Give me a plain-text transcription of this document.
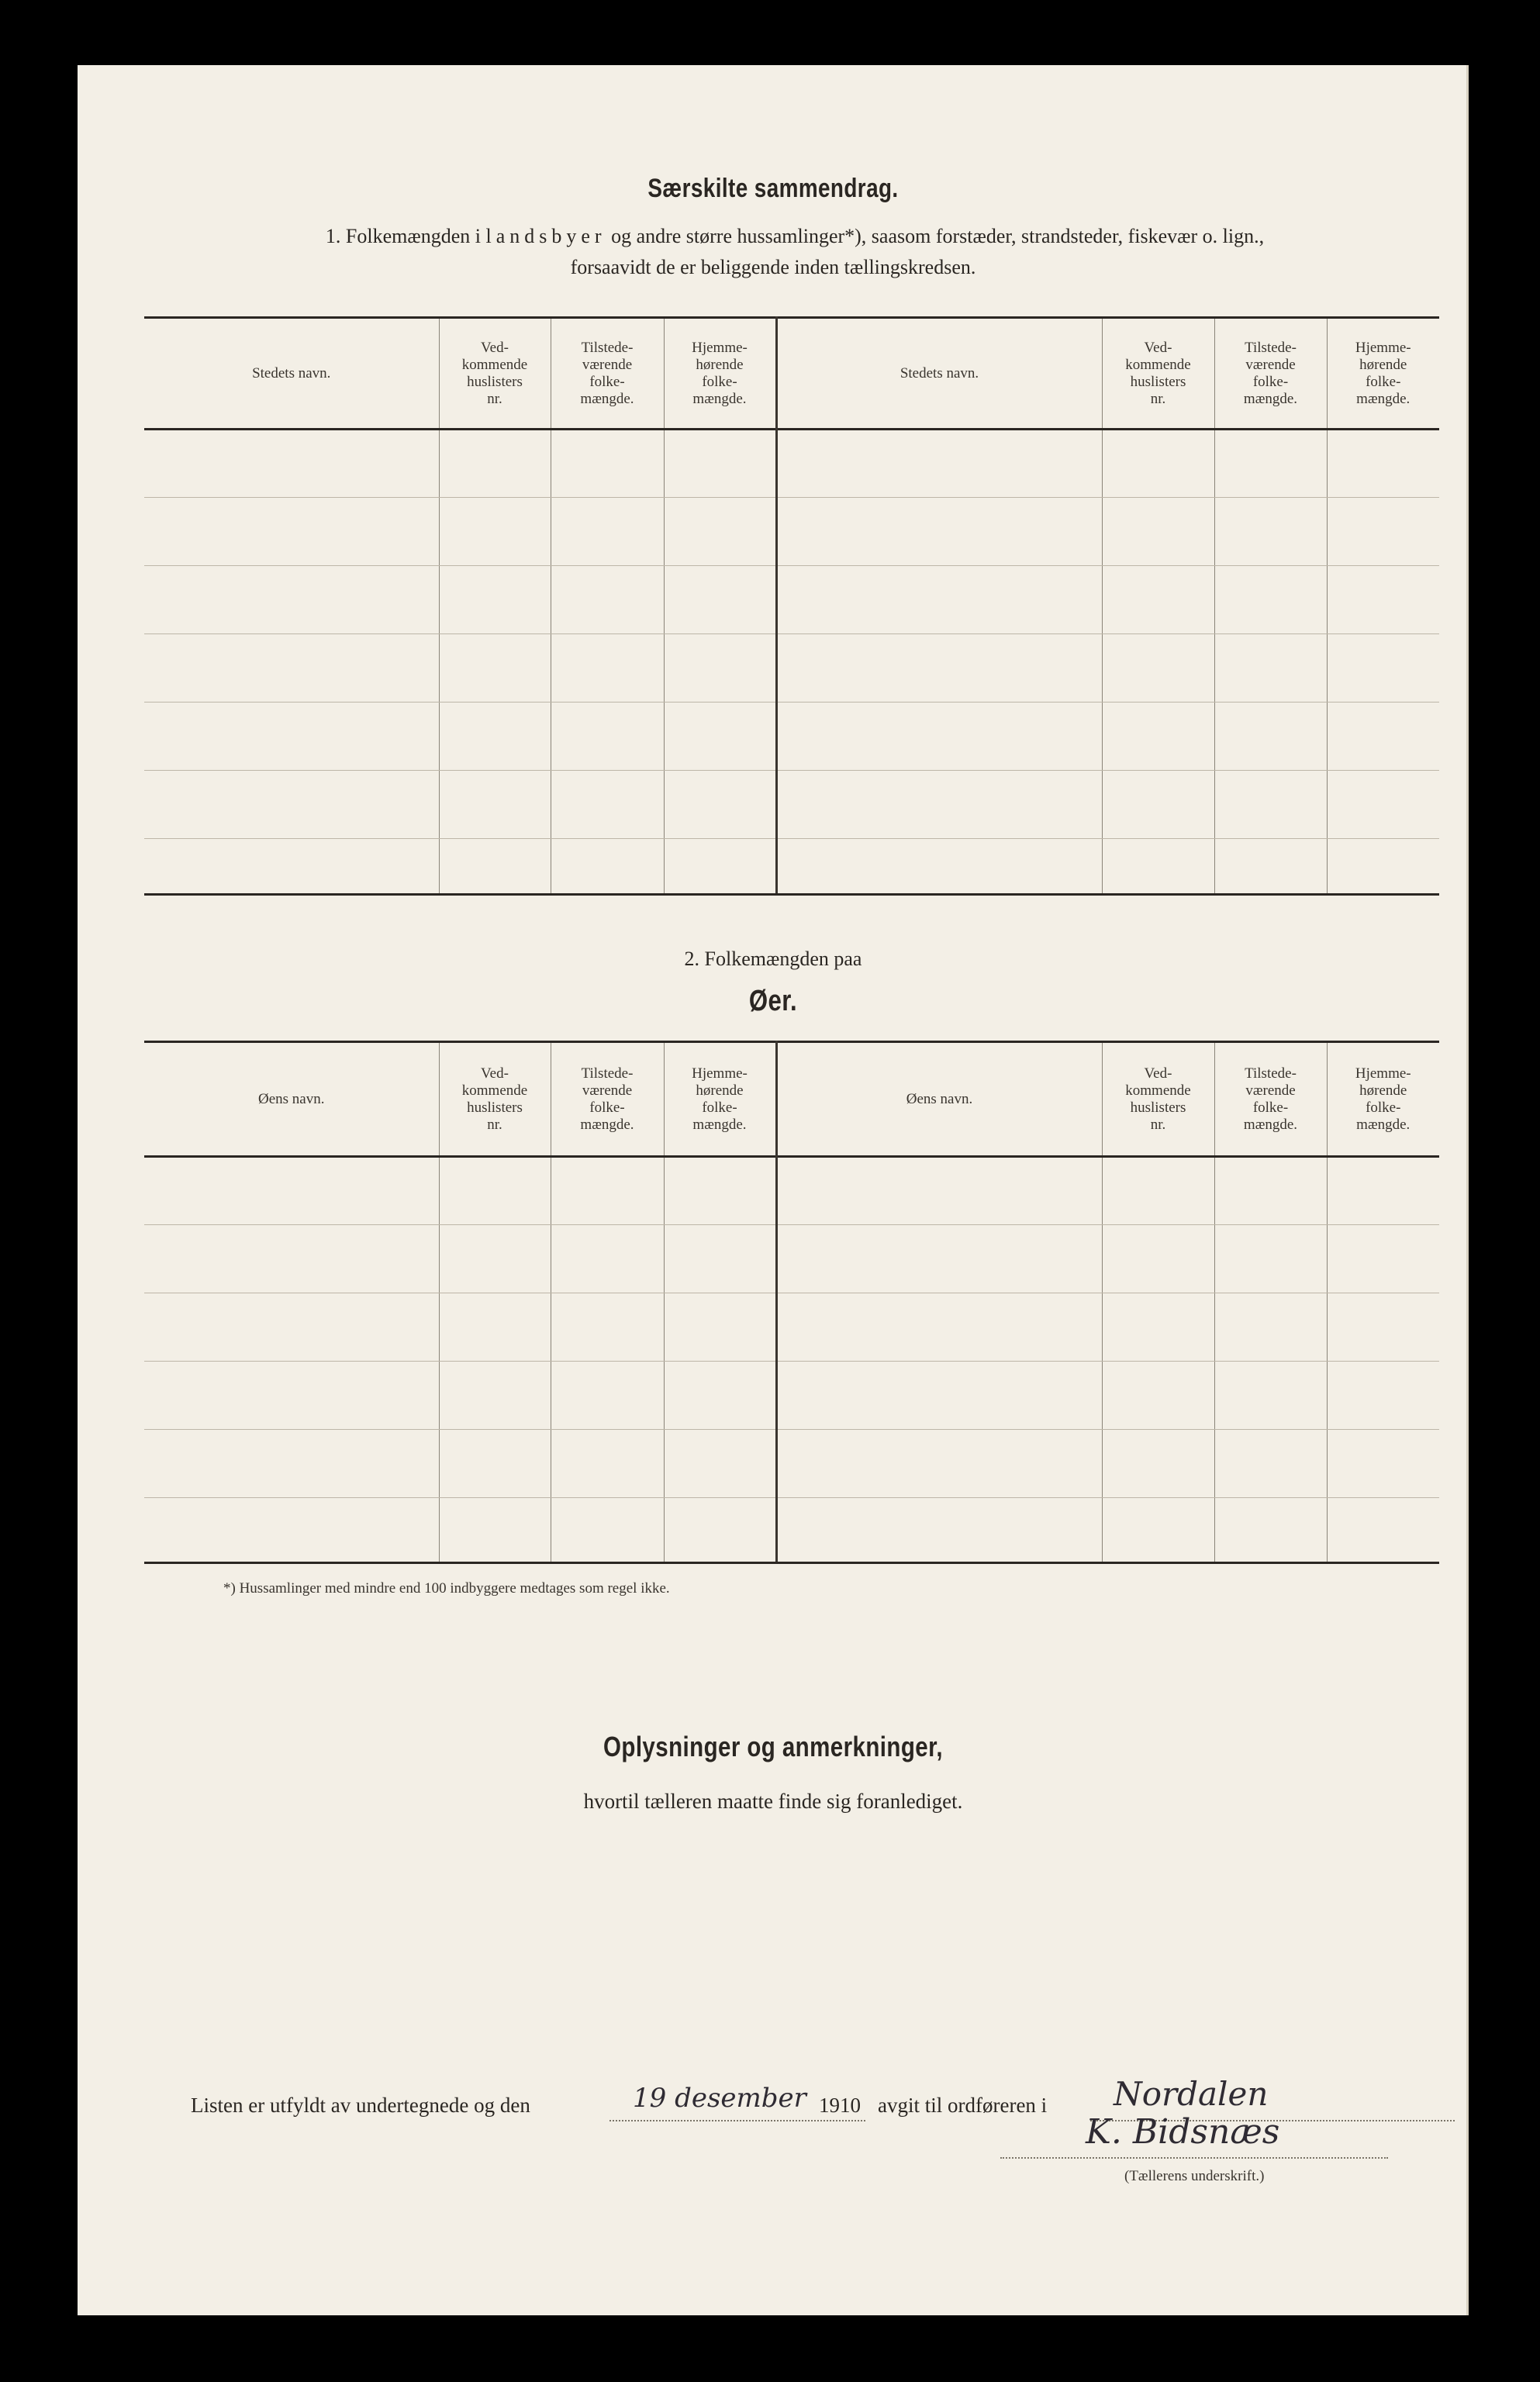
Særskilte sammendrag.
1. Folkemængden i landsbyer og andre større hussamlinger*), saasom forstæder, strandsteder, fiskevær o. lign.,
forsaavidt de er beliggende inden tællingskredsen.
Stedets navn.	Ved-
kommende
huslisters
nr.	Tilstede-
værende
folke-
mængde.	Hjemme-
hørende
folke-
mængde.	Stedets navn.	Ved-
kommende
huslisters
nr.	Tilstede-
værende
folke-
mængde.	Hjemme-
hørende
folke-
mængde.

2. Folkemængden paa
Øer.
Øens navn.	Ved-
kommende
huslisters
nr.	Tilstede-
værende
folke-
mængde.	Hjemme-
hørende
folke-
mængde.	Øens navn.	Ved-
kommende
huslisters
nr.	Tilstede-
værende
folke-
mængde.	Hjemme-
hørende
folke-
mængde.

*) Hussamlinger med mindre end 100 indbyggere medtages som regel ikke.
Oplysninger og anmerkninger,
hvortil tælleren maatte finde sig foranlediget.
Listen er utfyldt av undertegnede og den	19 desember 1910 avgit til ordføreren i Nordalen
K. Bidsnæs
(Tællerens underskrift.)
